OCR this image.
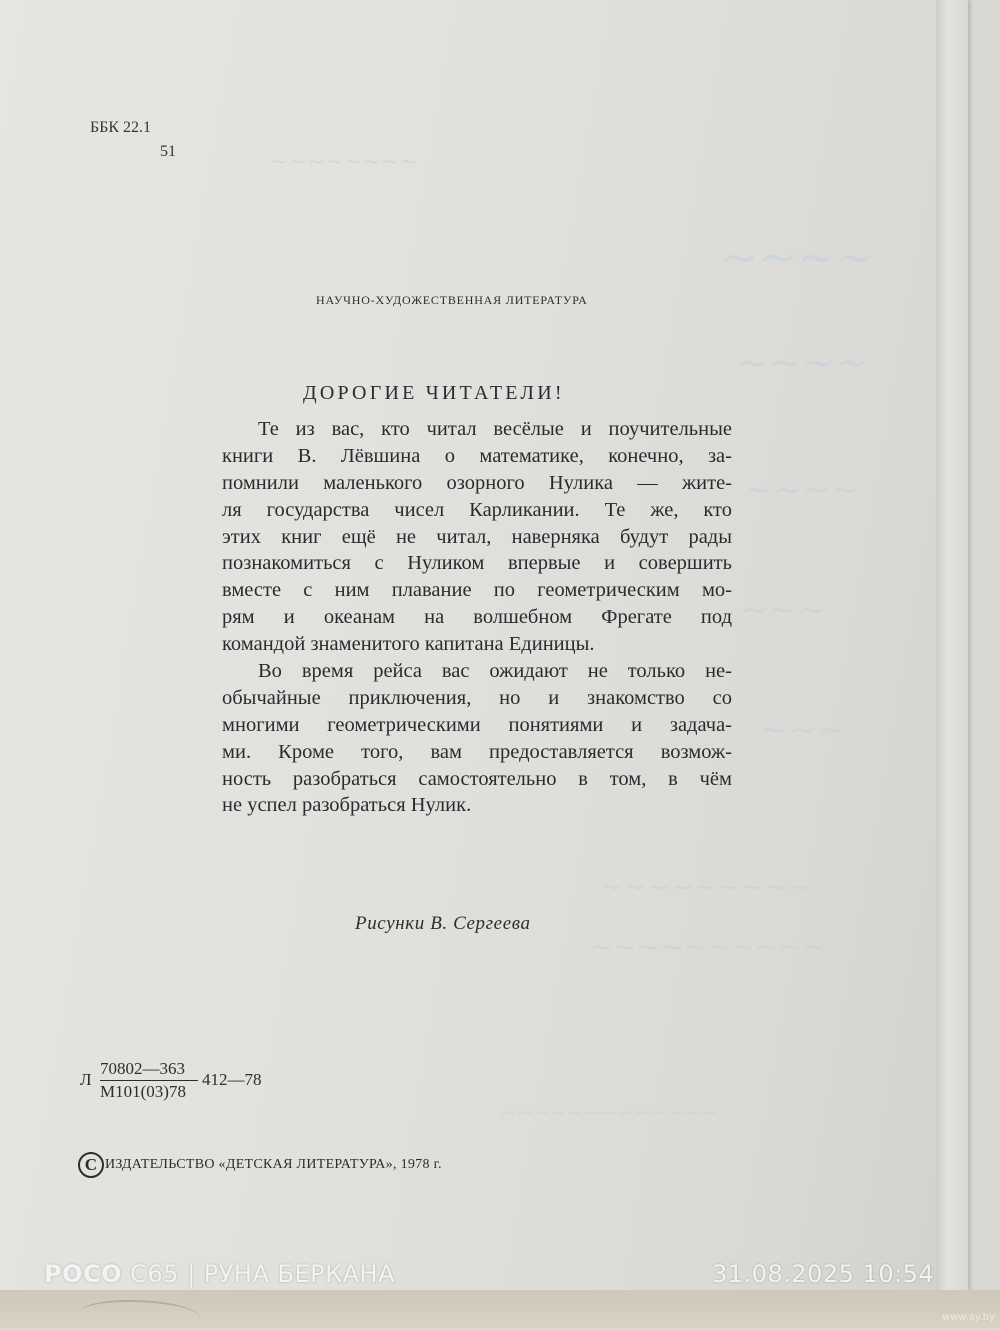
ББК 22.1
51
НАУЧНО-ХУДОЖЕСТВЕННАЯ ЛИТЕРАТУРА
ДОРОГИЕ ЧИТАТЕЛИ!
Те из вас, кто читал весёлые и поучительные
книги В. Лёвшина о математике, конечно, за-
помнили маленького озорного Нулика — жите-
ля государства чисел Карликании. Те же, кто
этих книг ещё не читал, наверняка будут рады
познакомиться с Нуликом впервые и совершить
вместе с ним плавание по геометрическим мо-
рям и океанам на волшебном Фрегате под
командой знаменитого капитана Единицы.
Во время рейса вас ожидают не только не-
обычайные приключения, но и знакомство со
многими геометрическими понятиями и задача-
ми. Кроме того, вам предоставляется возмож-
ность разобраться самостоятельно в том, в чём
не успел разобраться Нулик.
Рисунки В. Сергеева
Л
70802—363
М101(03)78
412—78
C ИЗДАТЕЛЬСТВО «ДЕТСКАЯ ЛИТЕРАТУРА», 1978 г.
~~~~~~~~
~~~~
~~~~
~~~~
~~~
~~~
~~~~~~~~~
~~~~~~~~~~
~~~~~~~~~~~~~
POCO C65 | РУНА БЕРКАНА	31.08.2025 10:54
www.ay.by
